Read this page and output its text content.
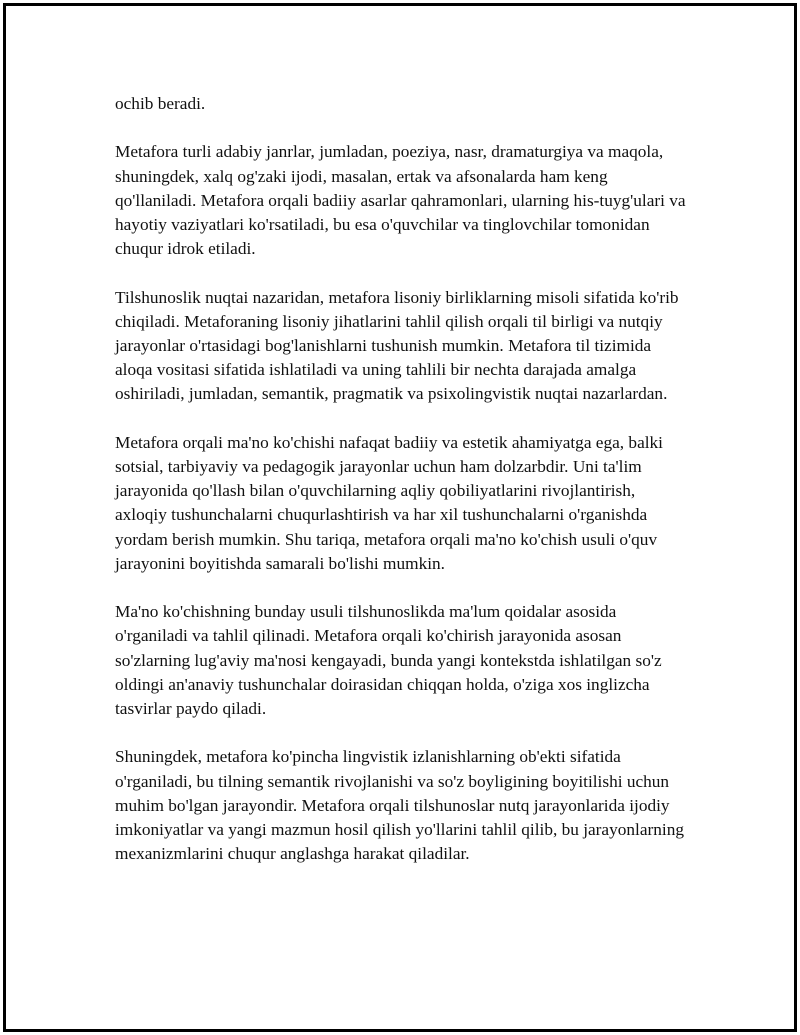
ochib beradi.

Metafora turli adabiy janrlar, jumladan, poeziya, nasr, dramaturgiya va maqola, shuningdek, xalq og'zaki ijodi, masalan, ertak va afsonalarda ham keng qo'llaniladi. Metafora orqali badiiy asarlar qahramonlari, ularning his-tuyg'ulari va hayotiy vaziyatlari ko'rsatiladi, bu esa o'quvchilar va tinglovchilar tomonidan chuqur idrok etiladi.

Tilshunoslik nuqtai nazaridan, metafora lisoniy birliklarning misoli sifatida ko'rib chiqiladi. Metaforaning lisoniy jihatlarini tahlil qilish orqali til birligi va nutqiy jarayonlar o'rtasidagi bog'lanishlarni tushunish mumkin. Metafora til tizimida aloqa vositasi sifatida ishlatiladi va uning tahlili bir nechta darajada amalga oshiriladi, jumladan, semantik, pragmatik va psixolingvistik nuqtai nazarlardan.

Metafora orqali ma'no ko'chishi nafaqat badiiy va estetik ahamiyatga ega, balki sotsial, tarbiyaviy va pedagogik jarayonlar uchun ham dolzarbdir. Uni ta'lim jarayonida qo'llash bilan o'quvchilarning aqliy qobiliyatlarini rivojlantirish, axloqiy tushunchalarni chuqurlashtirish va har xil tushunchalarni o'rganishda yordam berish mumkin. Shu tariqa, metafora orqali ma'no ko'chish usuli o'quv jarayonini boyitishda samarali bo'lishi mumkin.

Ma'no ko'chishning bunday usuli tilshunoslikda ma'lum qoidalar asosida o'rganiladi va tahlil qilinadi. Metafora orqali ko'chirish jarayonida asosan so'zlarning lug'aviy ma'nosi kengayadi, bunda yangi kontekstda ishlatilgan so'z oldingi an'anaviy tushunchalar doirasidan chiqqan holda, o'ziga xos inglizcha tasvirlar paydo qiladi.

Shuningdek, metafora ko'pincha lingvistik izlanishlarning ob'ekti sifatida o'rganiladi, bu tilning semantik rivojlanishi va so'z boyligining boyitilishi uchun muhim bo'lgan jarayondir. Metafora orqali tilshunoslar nutq jarayonlarida ijodiy imkoniyatlar va yangi mazmun hosil qilish yo'llarini tahlil qilib, bu jarayonlarning mexanizmlarini chuqur anglashga harakat qiladilar.
